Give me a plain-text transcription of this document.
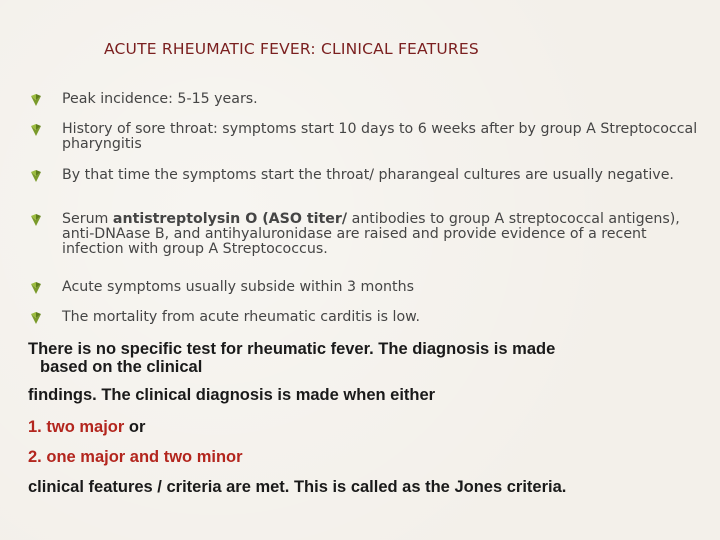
ACUTE RHEUMATIC FEVER: CLINICAL FEATURES
Peak incidence: 5-15 years.
History of sore throat: symptoms start 10 days to 6 weeks after by group A Streptococcal pharyngitis
By that time the symptoms start the throat/ pharangeal cultures are usually negative.
Serum antistreptolysin O (ASO titer/ antibodies to group A streptococcal antigens), anti-DNAase B, and antihyaluronidase are raised and provide evidence of a recent infection with group A Streptococcus.
Acute symptoms usually subside within 3 months
The mortality from acute rheumatic carditis is low.
There is no specific test for rheumatic fever. The diagnosis is made
based on the clinical
findings. The clinical diagnosis is made when either
1. two major or
2. one major and two minor
clinical features / criteria are met. This is called as the Jones criteria.
